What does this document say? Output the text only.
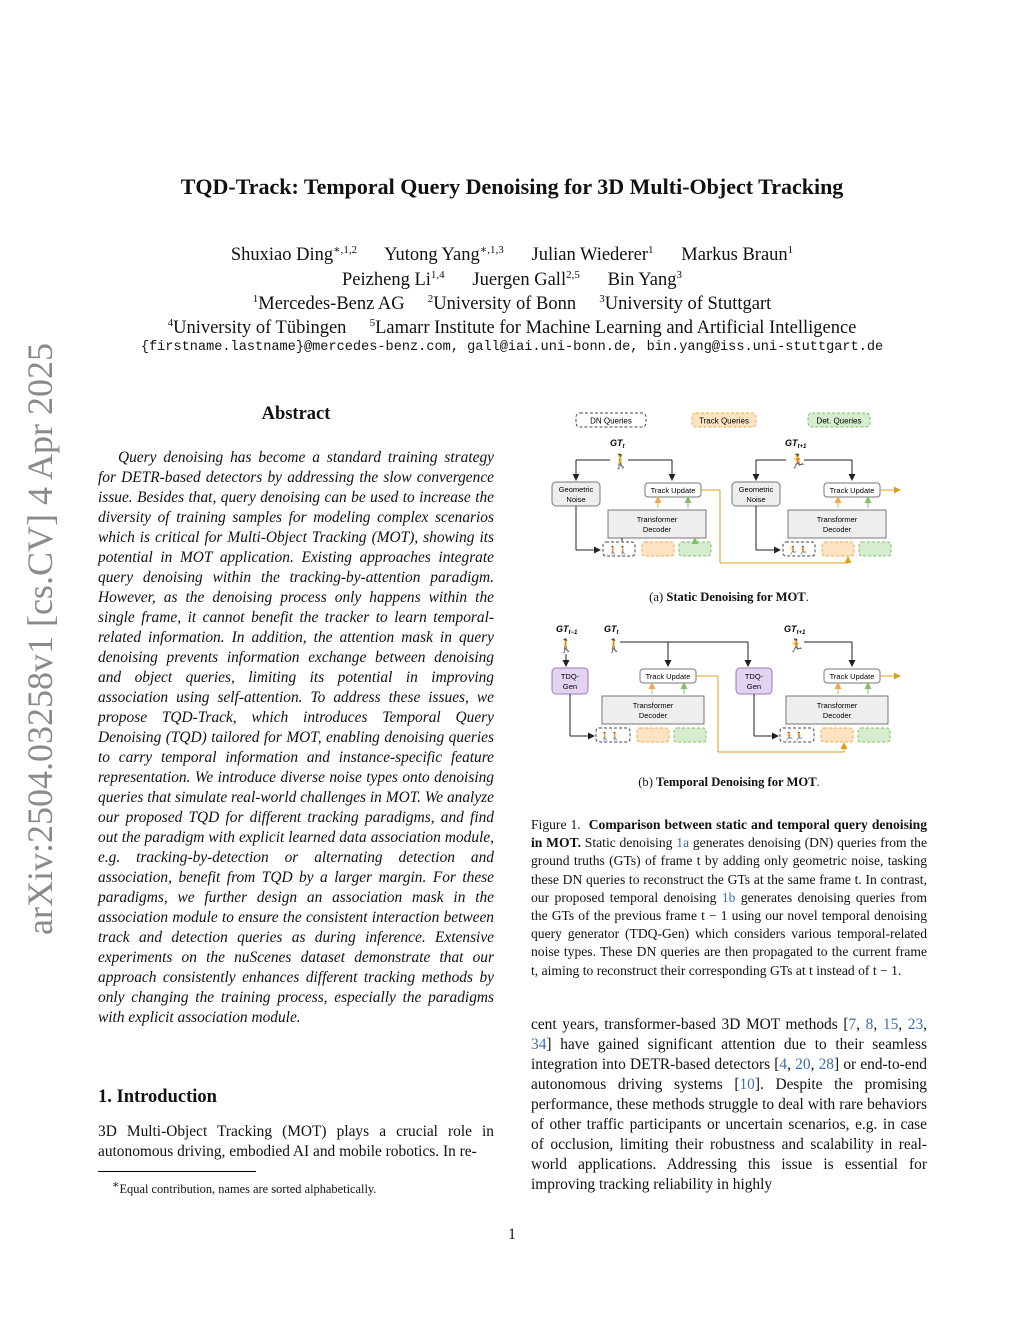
arXiv:2504.03258v1 [cs.CV] 4 Apr 2025
TQD-Track: Temporal Query Denoising for 3D Multi-Object Tracking
Shuxiao Ding$^{∗,1,2}$ Yutong Yang$^{∗,1,3}$ Julian Wiederer$^1$ Markus Braun$^1$
Peizheng Li$^{1,4}$ Juergen Gall$^{2,5}$ Bin Yang$^3$
$^1$Mercedes-Benz AG $^2$University of Bonn $^3$University of Stuttgart
$^4$University of Tübingen $^5$Lamarr Institute for Machine Learning and Artificial Intelligence
{firstname.lastname}@mercedes-benz.com, gall@iai.uni-bonn.de, bin.yang@iss.uni-stuttgart.de
Abstract

Query denoising has become a standard training strategy for DETR-based detectors by addressing the slow convergence issue. Besides that, query denoising can be used to increase the diversity of training samples for modeling complex scenarios which is critical for Multi-Object Tracking (MOT), showing its potential in MOT application. Existing approaches integrate query denoising within the tracking-by-attention paradigm. However, as the denoising process only happens within the single frame, it cannot benefit the tracker to learn temporal-related information. In addition, the attention mask in query denoising prevents information exchange between denoising and object queries, limiting its potential in improving association using self-attention. To address these issues, we propose TQD-Track, which introduces Temporal Query Denoising (TQD) tailored for MOT, enabling denoising queries to carry temporal information and instance-specific feature representation. We introduce diverse noise types onto denoising queries that simulate real-world challenges in MOT. We analyze our proposed TQD for different tracking paradigms, and find out the paradigm with explicit learned data association module, e.g. tracking-by-detection or alternating detection and association, benefit from TQD by a larger margin. For these paradigms, we further design an association mask in the association module to ensure the consistent interaction between track and detection queries as during inference. Extensive experiments on the nuScenes dataset demonstrate that our approach consistently enhances different tracking methods by only changing the training process, especially the paradigms with explicit association module.

1. Introduction

3D Multi-Object Tracking (MOT) plays a crucial role in autonomous driving, embodied AI and mobile robotics. In re-

∗Equal contribution, names are sorted alphabetically.
1
DN Queries	Track Queries	Det. Queries
$GT_t$	$GT_{t+1}$
🚶	🏃
Geometric
Noise
Track Update
Transformer
Decoder
🚶🚶
Geometric
Noise
Track Update
Transformer
Decoder
🏃🏃
(a) Static Denoising for MOT.
$GT_{t-1}$	$GT_t$	$GT_{t+1}$
🚶 🚶	🏃
TDQ-
Gen
Track Update
Transformer
Decoder
🚶🚶
TDQ-
Gen
Track Update
Transformer
Decoder
🏃🏃
(b) Temporal Denoising for MOT.

Figure 1. Comparison between static and temporal query denoising in MOT. Static denoising 1a generates denoising (DN) queries from the ground truths (GTs) of frame t by adding only geometric noise, tasking these DN queries to reconstruct the GTs at the same frame t. In contrast, our proposed temporal denoising 1b generates denoising queries from the GTs of the previous frame t − 1 using our novel temporal denoising query generator (TDQ-Gen) which considers various temporal-related noise types. These DN queries are then propagated to the current frame t, aiming to reconstruct their corresponding GTs at t instead of t − 1.

cent years, transformer-based 3D MOT methods [7, 8, 15, 23, 34] have gained significant attention due to their seamless integration into DETR-based detectors [4, 20, 28] or end-to-end autonomous driving systems [10]. Despite the promising performance, these methods struggle to deal with rare behaviors of other traffic participants or uncertain scenarios, e.g. in case of occlusion, limiting their robustness and scalability in real-world applications. Addressing this issue is essential for improving tracking reliability in highly
